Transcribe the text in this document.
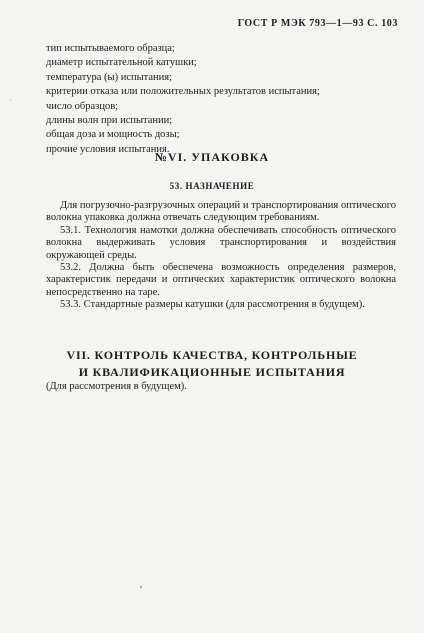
ГОСТ Р МЭК 793—1—93 С. 103
тип испытываемого образца;
диаметр испытательной катушки;
температура (ы) испытания;
критерии отказа или положительных результатов испытания;
число образцов;
длины волн при испытании;
общая доза и мощность дозы;
прочие условия испытания.
№VI. УПАКОВКА
53. НАЗНАЧЕНИЕ

Для погрузочно-разгрузочных операций и транспортирования оптического волокна упаковка должна отвечать следующим требованиям.

53.1. Технология намотки должна обеспечивать способность оптического волокна выдерживать условия транспортирования и воздействия окружающей среды.

53.2. Должна быть обеспечена возможность определения размеров, характеристик передачи и оптических характеристик оптического волокна непосредственно на таре.

53.3. Стандартные размеры катушки (для рассмотрения в будущем).

VII. КОНТРОЛЬ КАЧЕСТВА, КОНТРОЛЬНЫЕ
И КВАЛИФИКАЦИОННЫЕ ИСПЫТАНИЯ
(Для рассмотрения в будущем).
·
′
